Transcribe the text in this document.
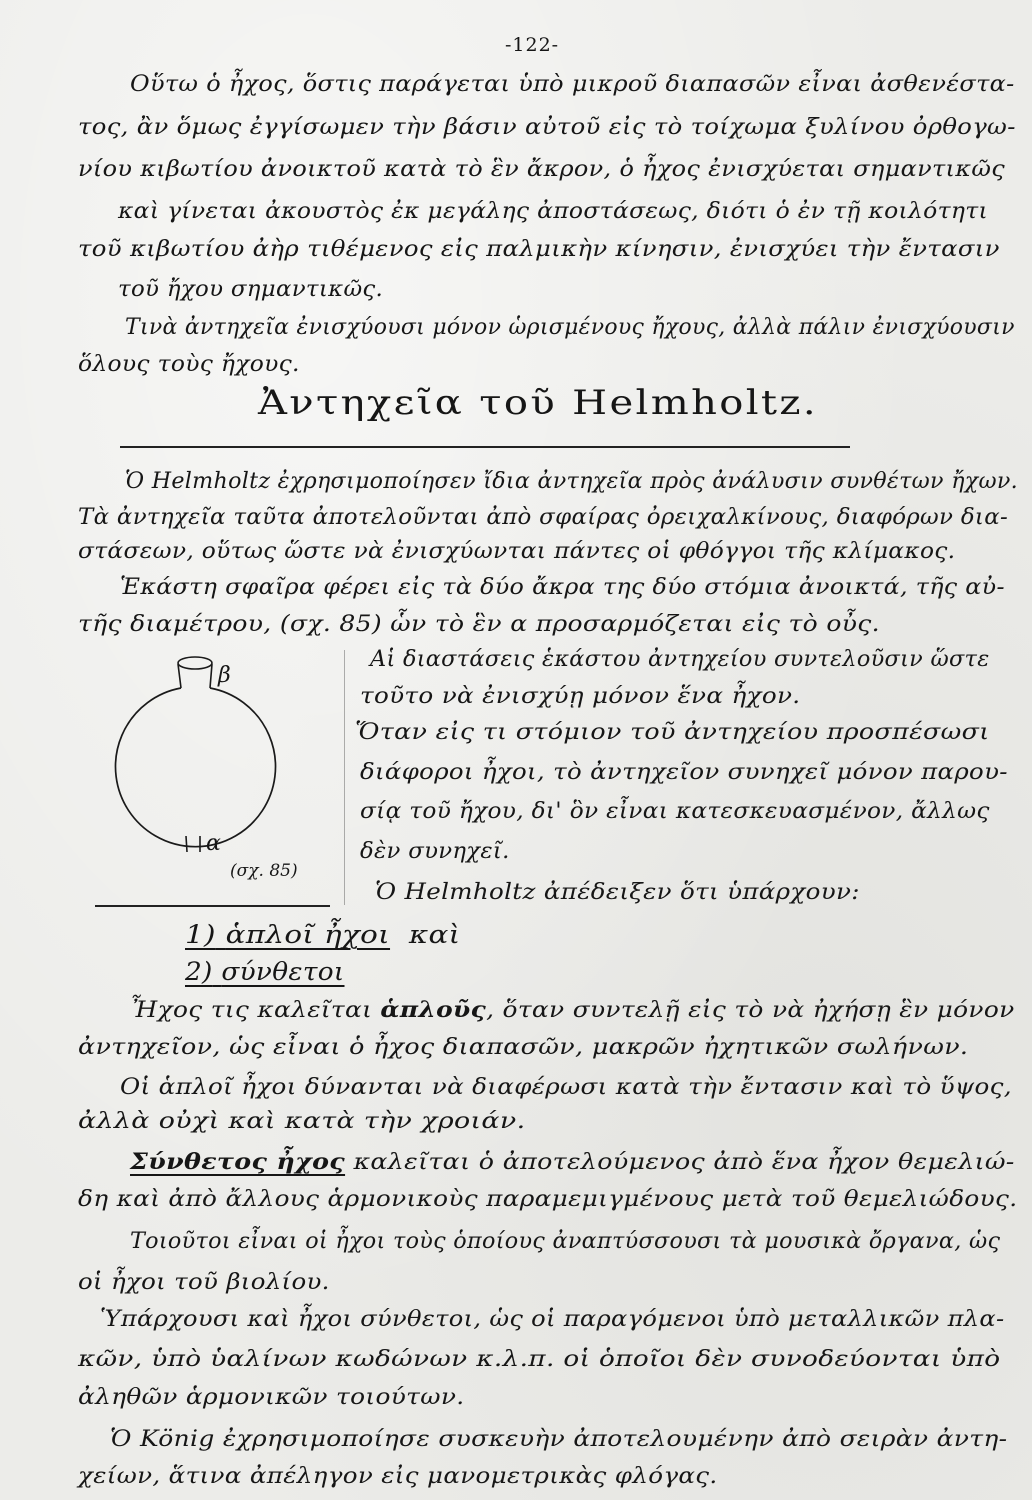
-122-
Οὕτω ὁ ἦχος, ὅστις παράγεται ὑπὸ μικροῦ διαπασῶν εἶναι ἀσθενέστα-
τος, ἂν ὅμως ἐγγίσωμεν τὴν βάσιν αὐτοῦ εἰς τὸ τοίχωμα ξυλίνου ὀρθογω-
νίου κιβωτίου ἀνοικτοῦ κατὰ τὸ ἓν ἄκρον, ὁ ἦχος ἐνισχύεται σημαντικῶς
καὶ γίνεται ἀκουστὸς ἐκ μεγάλης ἀποστάσεως, διότι ὁ ἐν τῇ κοιλότητι
τοῦ κιβωτίου ἀὴρ τιθέμενος εἰς παλμικὴν κίνησιν, ἐνισχύει τὴν ἔντασιν
τοῦ ἤχου σημαντικῶς.
Τινὰ ἀντηχεῖα ἐνισχύουσι μόνον ὡρισμένους ἤχους, ἀλλὰ πάλιν ἐνισχύουσιν
ὅλους τοὺς ἤχους.
Ἀντηχεῖα τοῦ Helmholtz.
Ὁ Helmholtz ἐχρησιμοποίησεν ἴδια ἀντηχεῖα πρὸς ἀνάλυσιν συνθέτων ἤχων.
Τὰ ἀντηχεῖα ταῦτα ἀποτελοῦνται ἀπὸ σφαίρας ὀρειχαλκίνους, διαφόρων δια-
στάσεων, οὕτως ὥστε νὰ ἐνισχύωνται πάντες οἱ φθόγγοι τῆς κλίμακος.
Ἑκάστη σφαῖρα φέρει εἰς τὰ δύο ἄκρα της δύο στόμια ἀνοικτά, τῆς αὐ-
τῆς διαμέτρου, (σχ. 85) ὧν τὸ ἓν α προσαρμόζεται εἰς τὸ οὖς.
β
α
(σχ. 85)
Αἱ διαστάσεις ἑκάστου ἀντηχείου συντελοῦσιν ὥστε
τοῦτο νὰ ἐνισχύῃ μόνον ἕνα ἦχον.
Ὅταν εἰς τι στόμιον τοῦ ἀντηχείου προσπέσωσι
διάφοροι ἦχοι, τὸ ἀντηχεῖον συνηχεῖ μόνον παρου-
σίᾳ τοῦ ἤχου, δι' ὃν εἶναι κατεσκευασμένον, ἄλλως
δὲν συνηχεῖ.
Ὁ Helmholtz ἀπέδειξεν ὅτι ὑπάρχουν:
1) ἁπλοῖ ἦχοι καὶ
2) σύνθετοι
Ἦχος τις καλεῖται ἁπλοῦς, ὅταν συντελῇ εἰς τὸ νὰ ἠχήσῃ ἓν μόνον
ἀντηχεῖον, ὡς εἶναι ὁ ἦχος διαπασῶν, μακρῶν ἠχητικῶν σωλήνων.
Οἱ ἁπλοῖ ἦχοι δύνανται νὰ διαφέρωσι κατὰ τὴν ἔντασιν καὶ τὸ ὕψος,
ἀλλὰ οὐχὶ καὶ κατὰ τὴν χροιάν.
Σύνθετος ἦχος καλεῖται ὁ ἀποτελούμενος ἀπὸ ἕνα ἦχον θεμελιώ-
δη καὶ ἀπὸ ἄλλους ἁρμονικοὺς παραμεμιγμένους μετὰ τοῦ θεμελιώδους.
Τοιοῦτοι εἶναι οἱ ἦχοι τοὺς ὁποίους ἀναπτύσσουσι τὰ μουσικὰ ὄργανα, ὡς
οἱ ἦχοι τοῦ βιολίου.
Ὑπάρχουσι καὶ ἦχοι σύνθετοι, ὡς οἱ παραγόμενοι ὑπὸ μεταλλικῶν πλα-
κῶν, ὑπὸ ὑαλίνων κωδώνων κ.λ.π. οἱ ὁποῖοι δὲν συνοδεύονται ὑπὸ
ἀληθῶν ἁρμονικῶν τοιούτων.
Ὁ König ἐχρησιμοποίησε συσκευὴν ἀποτελουμένην ἀπὸ σειρὰν ἀντη-
χείων, ἅτινα ἀπέληγον εἰς μανομετρικὰς φλόγας.
